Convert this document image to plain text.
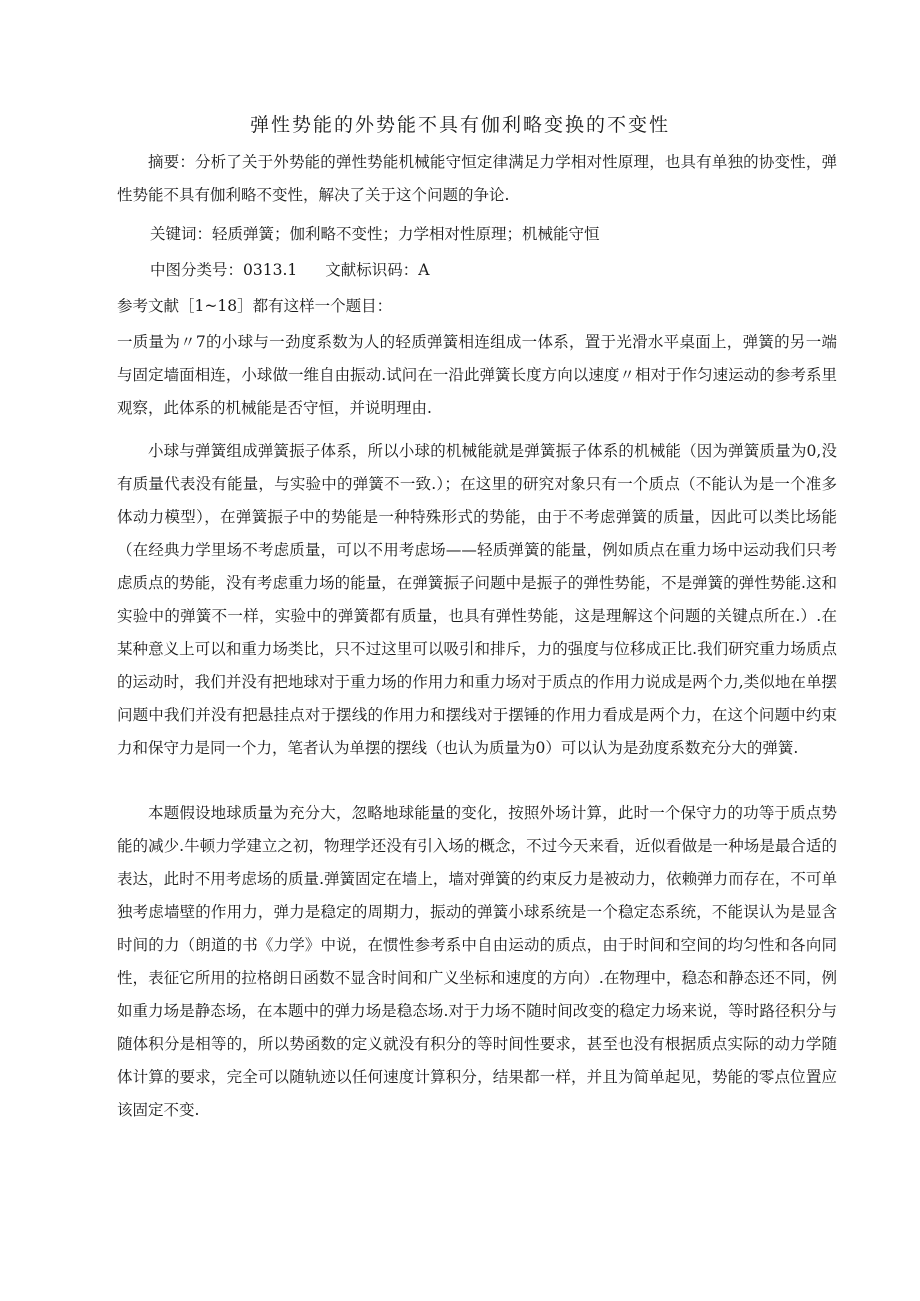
弹性势能的外势能不具有伽利略变换的不变性

摘要：分析了关于外势能的弹性势能机械能守恒定律满足力学相对性原理，也具有单独的协变性，弹性势能不具有伽利略不变性，解决了关于这个问题的争论.

关键词：轻质弹簧；伽利略不变性；力学相对性原理；机械能守恒

中图分类号：0313.1 文献标识码：A

参考文献［1~18］都有这样一个题目：

一质量为〃7的小球与一劲度系数为人的轻质弹簧相连组成一体系，置于光滑水平桌面上，弹簧的另一端与固定墙面相连，小球做一维自由振动.试问在一沿此弹簧长度方向以速度〃相对于作匀速运动的参考系里观察，此体系的机械能是否守恒，并说明理由.

小球与弹簧组成弹簧振子体系，所以小球的机械能就是弹簧振子体系的机械能（因为弹簧质量为0,没有质量代表没有能量，与实验中的弹簧不一致.）；在这里的研究对象只有一个质点（不能认为是一个准多体动力模型），在弹簧振子中的势能是一种特殊形式的势能，由于不考虑弹簧的质量，因此可以类比场能（在经典力学里场不考虑质量，可以不用考虑场——轻质弹簧的能量，例如质点在重力场中运动我们只考虑质点的势能，没有考虑重力场的能量，在弹簧振子问题中是振子的弹性势能，不是弹簧的弹性势能.这和实验中的弹簧不一样，实验中的弹簧都有质量，也具有弹性势能，这是理解这个问题的关键点所在.）.在某种意义上可以和重力场类比，只不过这里可以吸引和排斥，力的强度与位移成正比.我们研究重力场质点的运动时，我们并没有把地球对于重力场的作用力和重力场对于质点的作用力说成是两个力,类似地在单摆问题中我们并没有把悬挂点对于摆线的作用力和摆线对于摆锤的作用力看成是两个力，在这个问题中约束力和保守力是同一个力，笔者认为单摆的摆线（也认为质量为0）可以认为是劲度系数充分大的弹簧.

本题假设地球质量为充分大，忽略地球能量的变化，按照外场计算，此时一个保守力的功等于质点势能的减少.牛顿力学建立之初，物理学还没有引入场的概念，不过今天来看，近似看做是一种场是最合适的表达，此时不用考虑场的质量.弹簧固定在墙上，墙对弹簧的约束反力是被动力，依赖弹力而存在，不可单独考虑墙壁的作用力，弹力是稳定的周期力，振动的弹簧小球系统是一个稳定态系统，不能误认为是显含时间的力（朗道的书《力学》中说，在惯性参考系中自由运动的质点，由于时间和空间的均匀性和各向同性，表征它所用的拉格朗日函数不显含时间和广义坐标和速度的方向）.在物理中，稳态和静态还不同，例如重力场是静态场，在本题中的弹力场是稳态场.对于力场不随时间改变的稳定力场来说，等时路径积分与随体积分是相等的，所以势函数的定义就没有积分的等时间性要求，甚至也没有根据质点实际的动力学随体计算的要求，完全可以随轨迹以任何速度计算积分，结果都一样，并且为简单起见，势能的零点位置应该固定不变.
